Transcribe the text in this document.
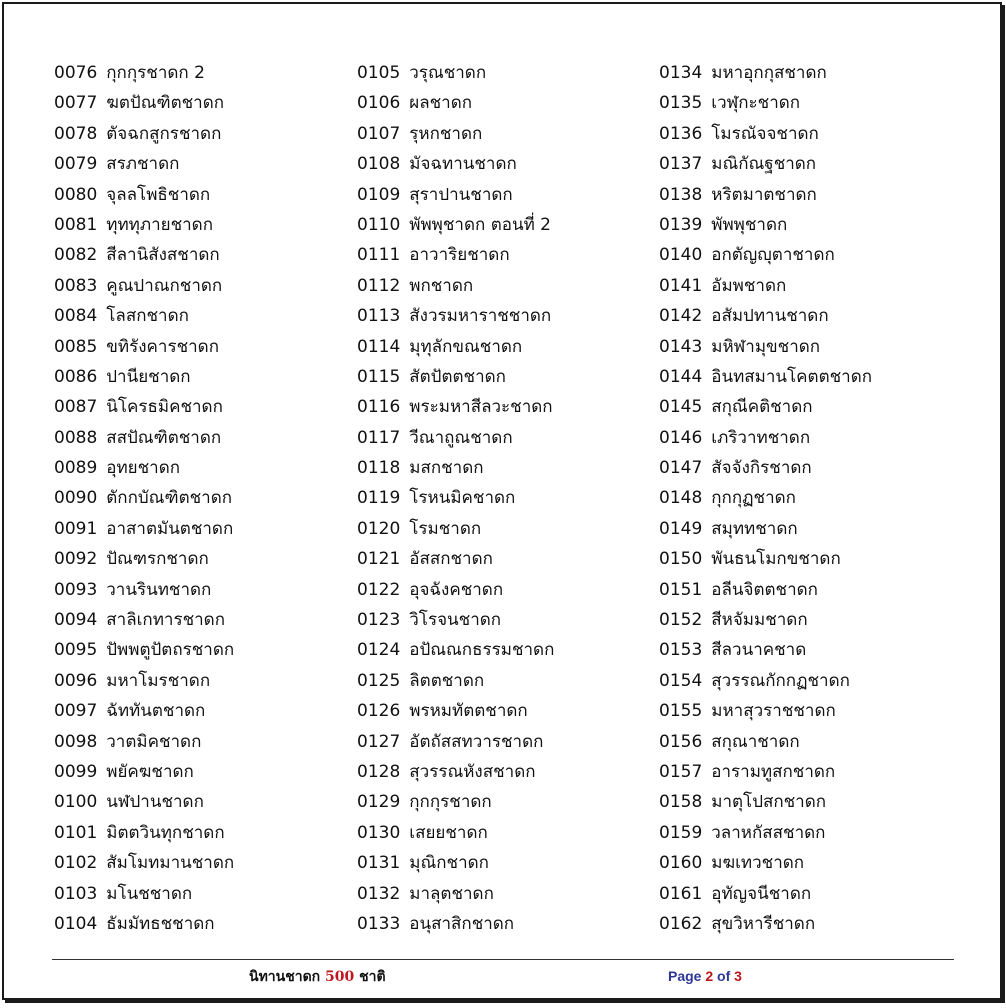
0076 กุกกุรชาดก 2
0077 ฆตปัณฑิตชาดก
0078 ตัจฉกสูกรชาดก
0079 สรภชาดก
0080 จุลลโพธิชาดก
0081 ทุททุภายชาดก
0082 สีลานิสังสชาดก
0083 คูณปาณกชาดก
0084 โลสกชาดก
0085 ขทิรังคารชาดก
0086 ปานียชาดก
0087 นิโครธมิคชาดก
0088 สสปัณฑิตชาดก
0089 อุทยชาดก
0090 ตักกบัณฑิตชาดก
0091 อาสาตมันตชาดก
0092 ปัณฑรกชาดก
0093 วานรินทชาดก
0094 สาลิเกทารชาดก
0095 ปัพพตูปัตถรชาดก
0096 มหาโมรชาดก
0097 ฉัททันตชาดก
0098 วาตมิคชาดก
0099 พยัคฆชาดก
0100 นฬปานชาดก
0101 มิตตวินทุกชาดก
0102 สัมโมทมานชาดก
0103 มโนชชาดก
0104 ธัมมัทธชชาดก
0105 วรุณชาดก
0106 ผลชาดก
0107 รุหกชาดก
0108 มัจฉทานชาดก
0109 สุราปานชาดก
0110 พัพพุชาดก ตอนที่ 2
0111 อาวาริยชาดก
0112 พกชาดก
0113 สังวรมหาราชชาดก
0114 มุทุลักขณชาดก
0115 สัตปัตตชาดก
0116 พระมหาสีลวะชาดก
0117 วีณาถูณชาดก
0118 มสกชาดก
0119 โรหนมิคชาดก
0120 โรมชาดก
0121 อัสสกชาดก
0122 อุจฉังคชาดก
0123 วิโรจนชาดก
0124 อปัณณกธรรมชาดก
0125 ลิตตชาดก
0126 พรหมทัตตชาดก
0127 อัตถัสสทวารชาดก
0128 สุวรรณหังสชาดก
0129 กุกกุรชาดก
0130 เสยยชาดก
0131 มุณิกชาดก
0132 มาลุตชาดก
0133 อนุสาสิกชาดก
0134 มหาอุกกุสชาดก
0135 เวฬุกะชาดก
0136 โมรณัจจชาดก
0137 มณิกัณฐชาดก
0138 หริตมาตชาดก
0139 พัพพุชาดก
0140 อกตัญญุตาชาดก
0141 อัมพชาดก
0142 อสัมปทานชาดก
0143 มหิฬามุขชาดก
0144 อินทสมานโคตตชาดก
0145 สกุณีคติชาดก
0146 เภริวาทชาดก
0147 สัจจังกิรชาดก
0148 กุกกุฏชาดก
0149 สมุททชาดก
0150 พันธนโมกขชาดก
0151 อลีนจิตตชาดก
0152 สีหจัมมชาดก
0153 สีลวนาคชาด
0154 สุวรรณกักกฏชาดก
0155 มหาสุวราชชาดก
0156 สกุณาชาดก
0157 อารามทูสกชาดก
0158 มาตุโปสกชาดก
0159 วลาหกัสสชาดก
0160 มฆเทวชาดก
0161 อุทัญจนีชาดก
0162 สุขวิหารีชาดก
นิทานชาดก 500 ชาติ	Page 2 of 3
